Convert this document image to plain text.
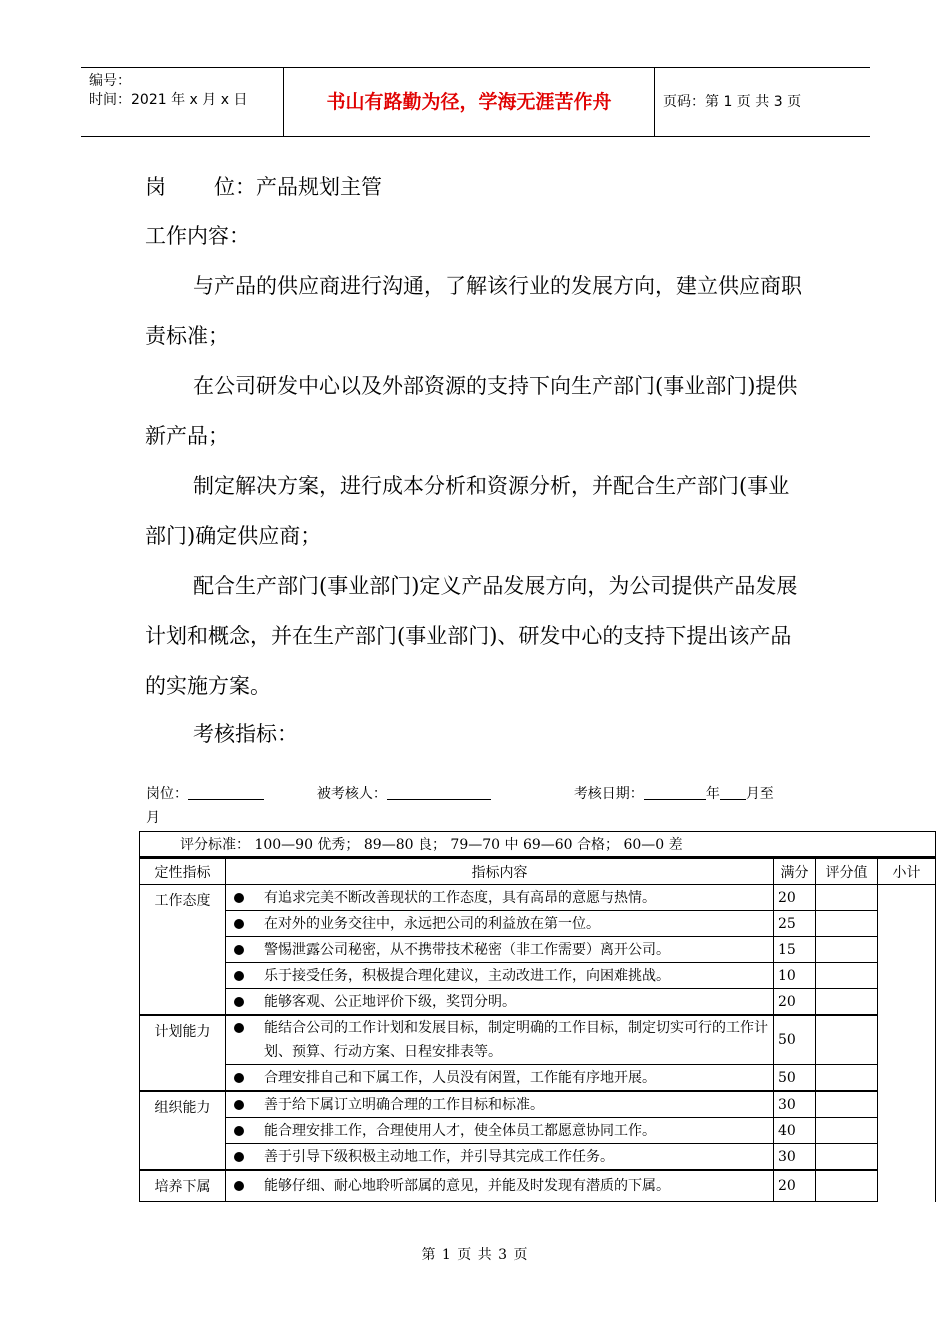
编号：
时间：2021 年 x 月 x 日	书山有路勤为径，学海无涯苦作舟	页码：第 1 页 共 3 页
岗 位：产品规划主管
工作内容：

与产品的供应商进行沟通，了解该行业的发展方向，建立供应商职责标准；

在公司研发中心以及外部资源的支持下向生产部门(事业部门)提供新产品；

制定解决方案，进行成本分析和资源分析，并配合生产部门(事业部门)确定供应商；

配合生产部门(事业部门)定义产品发展方向，为公司提供产品发展计划和概念，并在生产部门(事业部门)、研发中心的支持下提出该产品的实施方案。

考核指标：
岗位：	被考核人：	考核日期：	年 月至
月
评分标准： 100—90 优秀； 89—80 良； 79—70 中 69—60 合格； 60—0 差				
定性指标	指标内容	满分	评分值	小计
工作态度	有追求完美不断改善现状的工作态度，具有高昂的意愿与热情。	20		

	在对外的业务交往中，永远把公司的利益放在第一位。	25		

	警惕泄露公司秘密，从不携带技术秘密（非工作需要）离开公司。	15		

	乐于接受任务，积极提合理化建议，主动改进工作，向困难挑战。	10		

	能够客观、公正地评价下级，奖罚分明。	20		
计划能力	能结合公司的工作计划和发展目标，制定明确的工作目标，制定切实可行的工作计划、预算、行动方案、日程安排表等。	50		

	合理安排自己和下属工作，人员没有闲置，工作能有序地开展。	50		
组织能力	善于给下属订立明确合理的工作目标和标准。	30		

	能合理安排工作，合理使用人才，使全体员工都愿意协同工作。	40		

	善于引导下级积极主动地工作，并引导其完成工作任务。	30		
培养下属	能够仔细、耐心地聆听部属的意见，并能及时发现有潜质的下属。	20		
第 1 页 共 3 页
